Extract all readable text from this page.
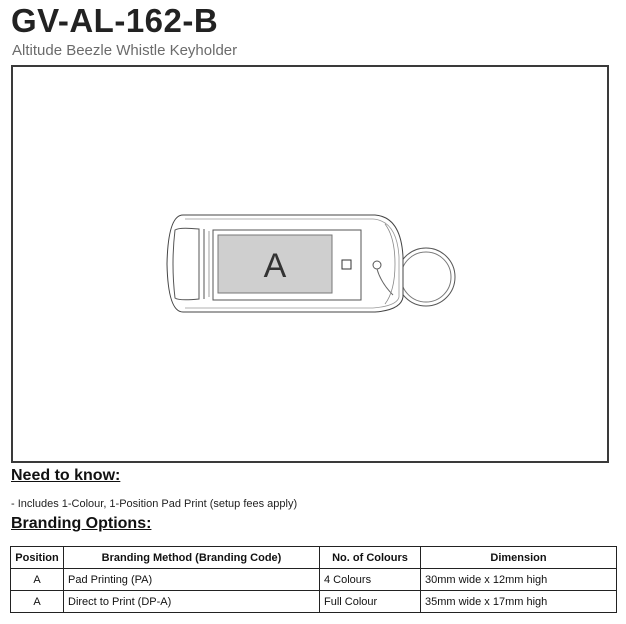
GV-AL-162-B
Altitude Beezle Whistle Keyholder
A
Need to know:
- Includes 1-Colour, 1-Position Pad Print (setup fees apply)
Branding Options:
Position	Branding Method (Branding Code)	No. of Colours	Dimension
A	Pad Printing (PA)	4 Colours	30mm wide x 12mm high
A	Direct to Print (DP-A)	Full Colour	35mm wide x 17mm high
